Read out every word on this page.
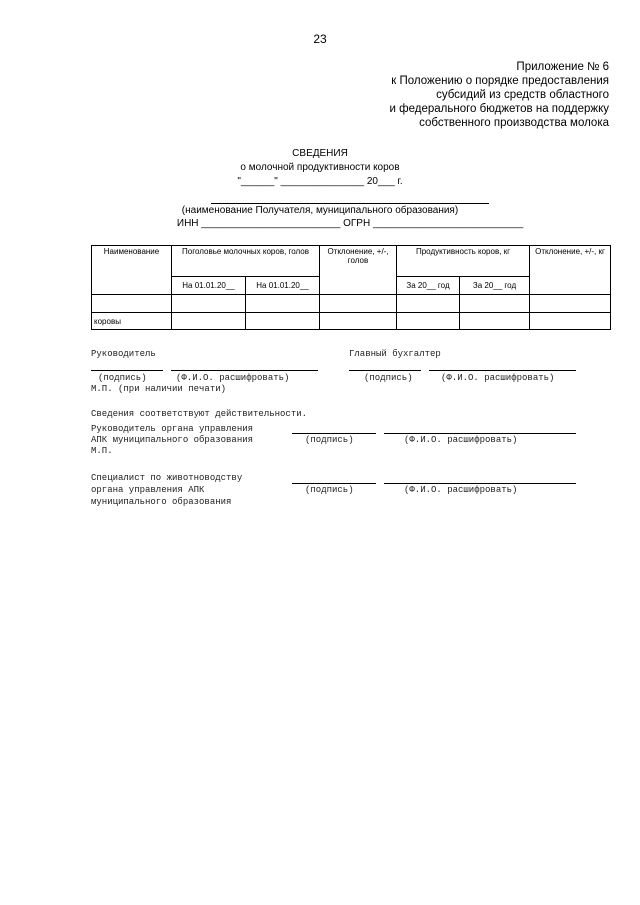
23
Приложение № 6
к Положению о порядке предоставления
субсидий из средств областного
и федерального бюджетов на поддержку
собственного производства молока
СВЕДЕНИЯ
о молочной продуктивности коров
"______" _______________ 20___ г.
(наименование Получателя, муниципального образования)
ИНН _________________________ ОГРН ___________________________
Наименование	Поголовье молочных коров, голов		Отклонение, +/-, голов	Продуктивность коров, кг		Отклонение, +/-, кг
	На 01.01.20__	На 01.01.20__		За 20__ год	За 20__ год	

коровы						
Руководитель	Главный бухгалтер
(подпись)	(Ф.И.О. расшифровать)	(подпись)	(Ф.И.О. расшифровать)
М.П. (при наличии печати)
Сведения соответствуют действительности.
Руководитель органа управления
АПК муниципального образования	(подпись)	(Ф.И.О. расшифровать)
М.П.
Специалист по животноводству
органа управления АПК
муниципального образования
(подпись)	(Ф.И.О. расшифровать)
